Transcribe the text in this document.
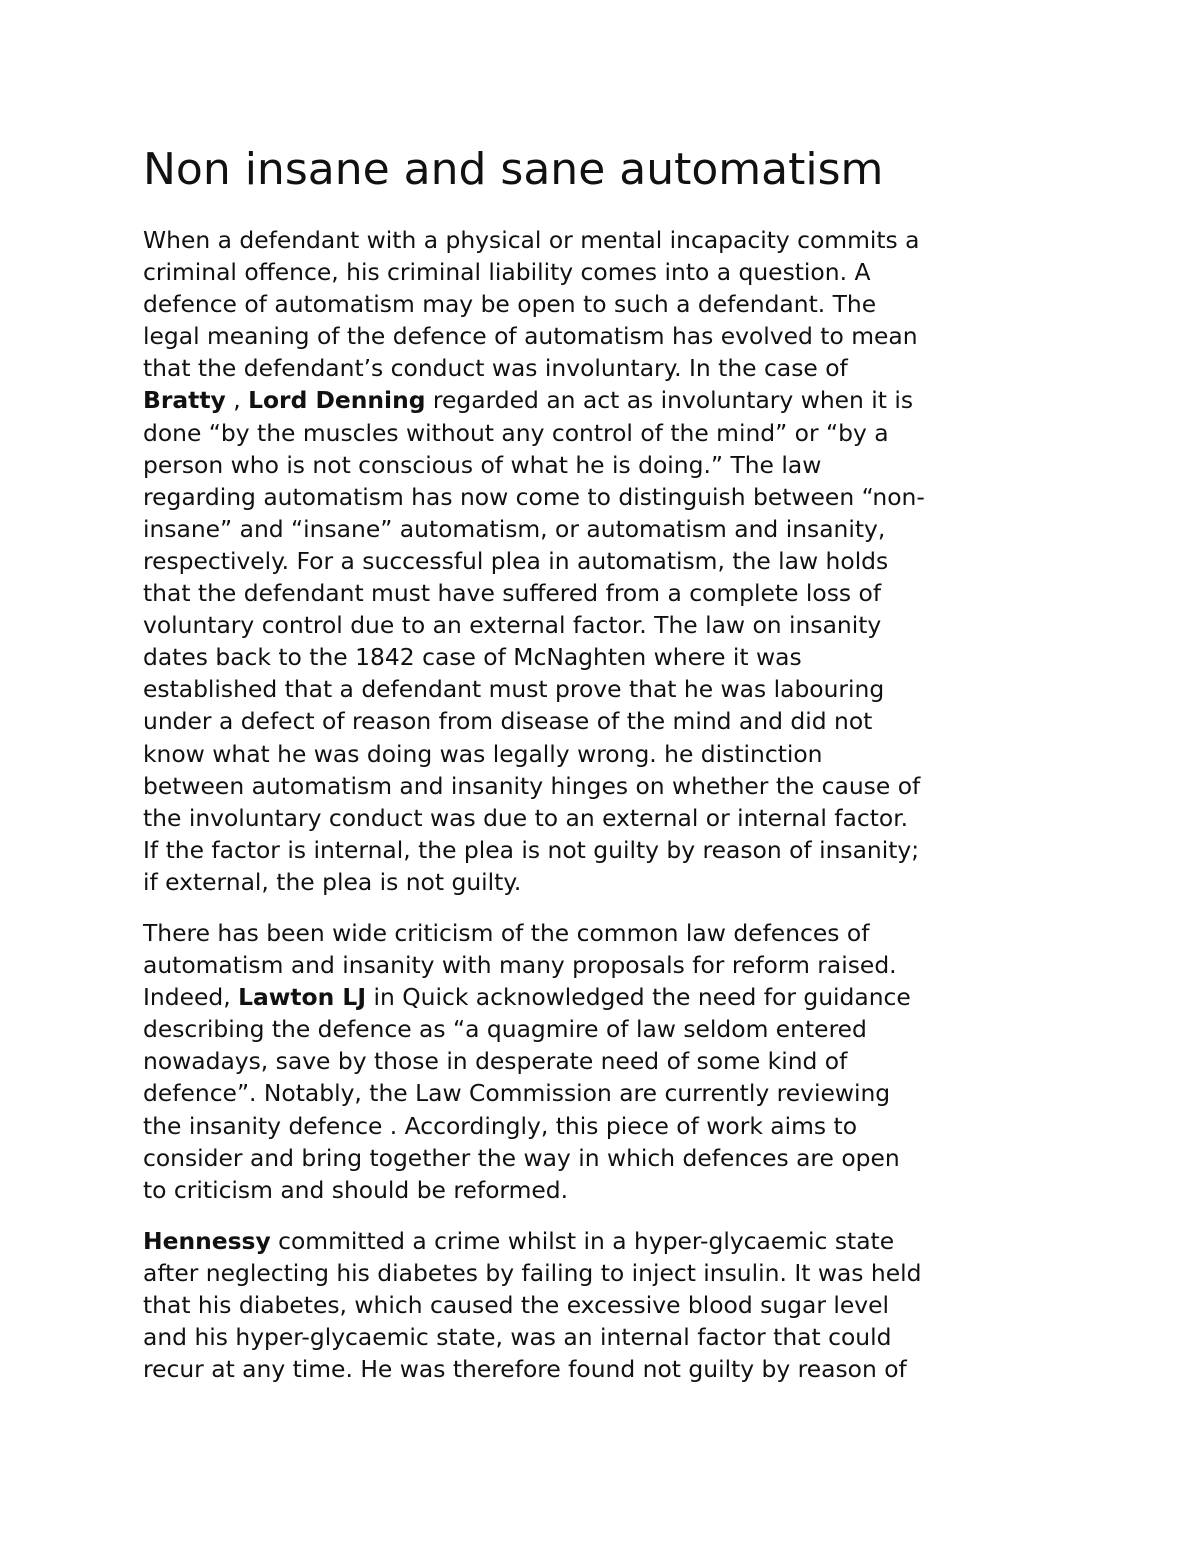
Non insane and sane automatism

When a defendant with a physical or mental incapacity commits a
criminal offence, his criminal liability comes into a question. A
defence of automatism may be open to such a defendant. The
legal meaning of the defence of automatism has evolved to mean
that the defendant’s conduct was involuntary. In the case of
Bratty , Lord Denning regarded an act as involuntary when it is
done “by the muscles without any control of the mind” or “by a
person who is not conscious of what he is doing.” The law
regarding automatism has now come to distinguish between “non-
insane” and “insane” automatism, or automatism and insanity,
respectively. For a successful plea in automatism, the law holds
that the defendant must have suffered from a complete loss of
voluntary control due to an external factor. The law on insanity
dates back to the 1842 case of McNaghten where it was
established that a defendant must prove that he was labouring
under a defect of reason from disease of the mind and did not
know what he was doing was legally wrong. he distinction
between automatism and insanity hinges on whether the cause of
the involuntary conduct was due to an external or internal factor.
If the factor is internal, the plea is not guilty by reason of insanity;
if external, the plea is not guilty.

There has been wide criticism of the common law defences of
automatism and insanity with many proposals for reform raised.
Indeed, Lawton LJ in Quick acknowledged the need for guidance
describing the defence as “a quagmire of law seldom entered
nowadays, save by those in desperate need of some kind of
defence”. Notably, the Law Commission are currently reviewing
the insanity defence . Accordingly, this piece of work aims to
consider and bring together the way in which defences are open
to criticism and should be reformed.

Hennessy committed a crime whilst in a hyper-glycaemic state
after neglecting his diabetes by failing to inject insulin. It was held
that his diabetes, which caused the excessive blood sugar level
and his hyper-glycaemic state, was an internal factor that could
recur at any time. He was therefore found not guilty by reason of
